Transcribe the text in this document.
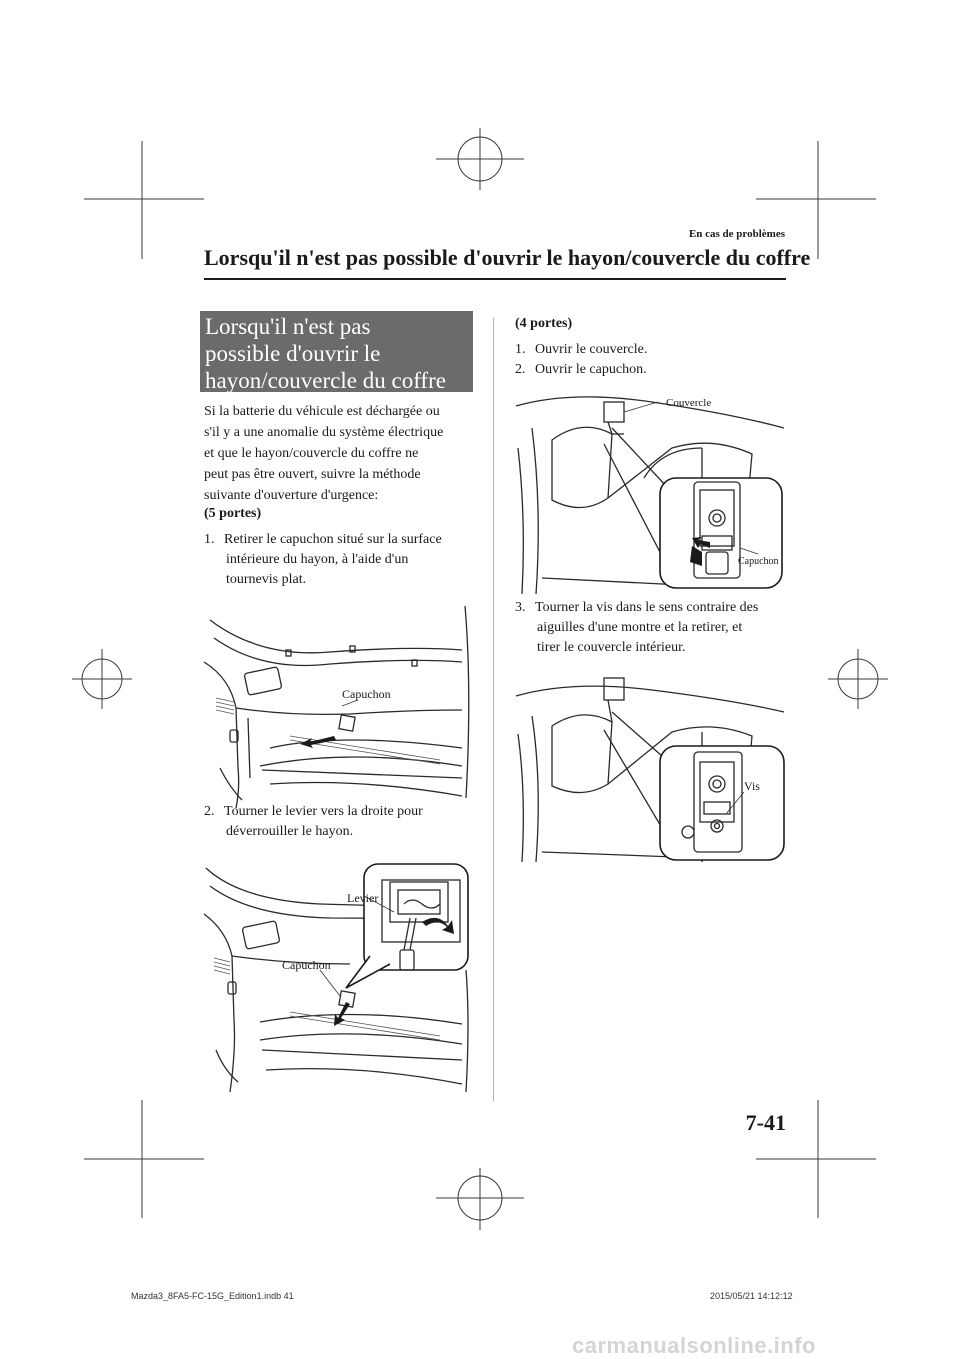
En cas de problèmes
Lorsqu'il n'est pas possible d'ouvrir le hayon/couvercle du coffre
Lorsqu'il n'est pas
possible d'ouvrir le
hayon/couvercle du coffre
Si la batterie du véhicule est déchargée ou
s'il y a une anomalie du système électrique
et que le hayon/couvercle du coffre ne
peut pas être ouvert, suivre la méthode
suivante d'ouverture d'urgence:
(5 portes)
1. Retirer le capuchon situé sur la surface
intérieure du hayon, à l'aide d'un
tournevis plat.
Capuchon
2. Tourner le levier vers la droite pour
déverrouiller le hayon.
Levier
Capuchon
(4 portes)
1. Ouvrir le couvercle.
2. Ouvrir le capuchon.
Couvercle
Capuchon
3. Tourner la vis dans le sens contraire des
aiguilles d'une montre et la retirer, et
tirer le couvercle intérieur.
Vis
7-41
Mazda3_8FA5-FC-15G_Edition1.indb 41	2015/05/21 14:12:12
carmanualsonline.info
